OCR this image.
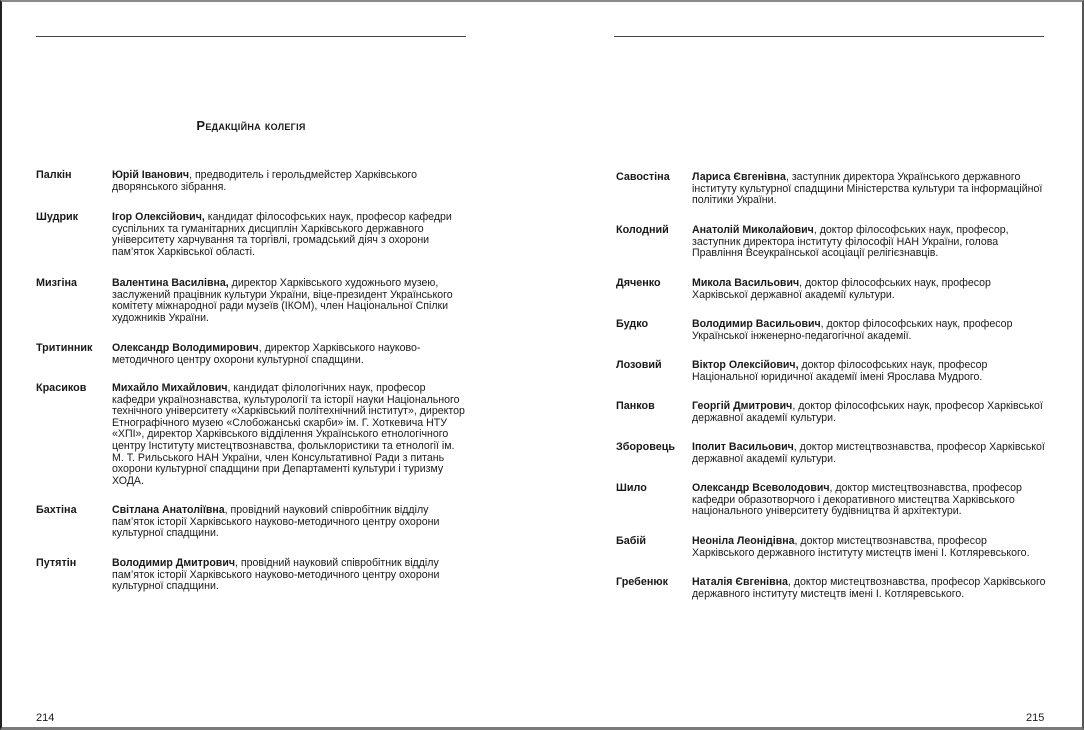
Редакційна колегія
Палкін	Юрій Іванович, предводитель і герольдмейстер Харківського дворянського зібрання.
Шудрик	Ігор Олексійович, кандидат філософських наук, професор кафедри суспільних та гуманітарних дисциплін Харківського державного університету харчування та торгівлі, громадський діяч з охорони пам’яток Харківської області.
Мизгіна	Валентина Василівна, директор Харківського художнього музею, заслужений працівник культури України, віце-президент Українського комітету міжнародної ради музеїв (ІКОМ), член Національної Спілки художників України.
Тритинник	Олександр Володимирович, директор Харківського науково-методичного центру охорони культурної спадщини.
Красиков	Михайло Михайлович, кандидат філологічних наук, професор кафедри українознавства, культурології та історії науки Національного технічного університету «Харківський політехнічний інститут», директор Етнографічного музею «Слобожанські скарби» ім. Г. Хоткевича НТУ «ХПІ», директор Харківського відділення Українського етнологічного центру Інституту мистецтвознавства, фольклористики та етнології ім. М. Т. Рильського НАН України, член Консультативної Ради з питань охорони культурної спадщини при Департаменті культури і туризму ХОДА.
Бахтіна	Світлана Анатоліївна, провідний науковий співробітник відділу пам’яток історії Харківського науково-методичного центру охорони культурної спадщини.
Путятін	Володимир Дмитрович, провідний науковий співробітник відділу пам’яток історії Харківського науково-методичного центру охорони культурної спадщини.
214
Савостіна	Лариса Євгенівна, заступник директора Українського державного інституту культурної спадщини Міністерства культури та інформаційної політики України.
Колодний	Анатолій Миколайович, доктор філософських наук, професор, заступник директора інституту філософії НАН України, голова Правління Всеукраїнської асоціації релігієзнавців.
Дяченко	Микола Васильович, доктор філософських наук, професор Харківської державної академії культури.
Будко	Володимир Васильович, доктор філософських наук, професор Української інженерно-педагогічної академії.
Лозовий	Віктор Олексійович, доктор філософських наук, професор Національної юридичної академії імені Ярослава Мудрого.
Панков	Георгій Дмитрович, доктор філософських наук, професор Харківської державної академії культури.
Зборовець	Іполит Васильович, доктор мистецтвознавства, професор Харківської державної академії культури.
Шило	Олександр Всеволодович, доктор мистецтвознавства, професор кафедри образотворчого і декоративного мистецтва Харківського національного університету будівництва й архітектури.
Бабій	Неоніла Леонідівна, доктор мистецтвознавства, професор Харківського державного інституту мистецтв імені І. Котляревського.
Гребенюк	Наталія Євгенівна, доктор мистецтвознавства, профeсор Харківського державного інституту мистецтв імені І. Котляревського.
215
